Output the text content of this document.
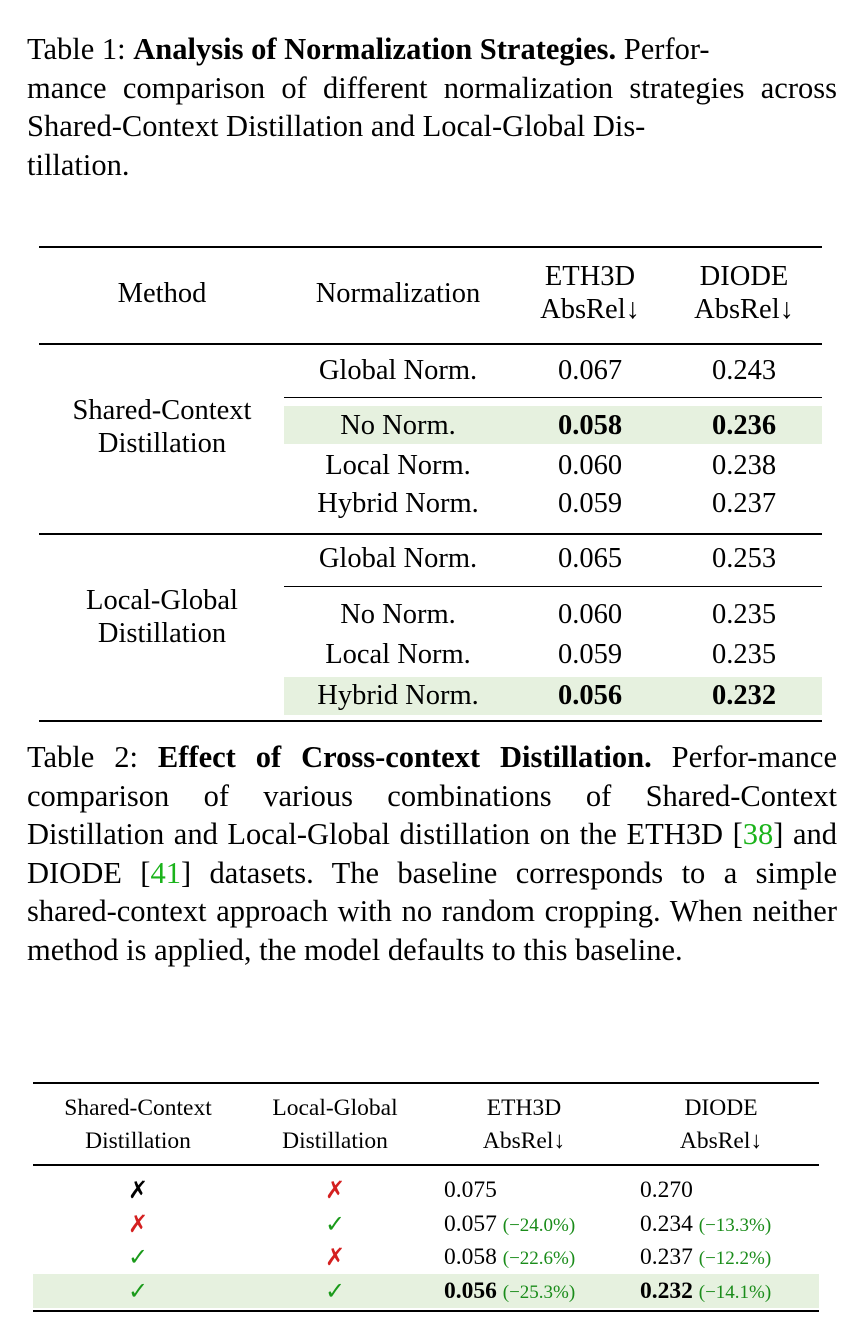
Table 1: Analysis of Normalization Strategies. Perfor-
mance comparison of different normalization strategies across Shared-Context Distillation and Local-Global Dis-
tillation.
Method	Normalization
ETH3D
AbsRel↓
DIODE
AbsRel↓
Shared-Context
Distillation
Global Norm.	0.067	0.243
No Norm.	0.058	0.236
Local Norm.	0.060	0.238
Hybrid Norm.	0.059	0.237
Local-Global
Distillation
Global Norm.	0.065	0.253
No Norm.	0.060	0.235
Local Norm.	0.059	0.235
Hybrid Norm.	0.056	0.232
Table 2: Effect of Cross-context Distillation. Perfor-mance comparison of various combinations of Shared-Context Distillation and Local-Global distillation on the ETH3D [38] and DIODE [41] datasets. The baseline corresponds to a simple shared-context approach with no random cropping. When neither method is applied, the model defaults to this baseline.
Shared-Context
Distillation
Local-Global
Distillation
ETH3D
AbsRel↓
DIODE
AbsRel↓
✗	✗	0.075	0.270
✗	✓	0.057 (−24.0%)	0.234 (−13.3%)
✓	✗	0.058 (−22.6%)	0.237 (−12.2%)
✓	✓	0.056 (−25.3%)	0.232 (−14.1%)
